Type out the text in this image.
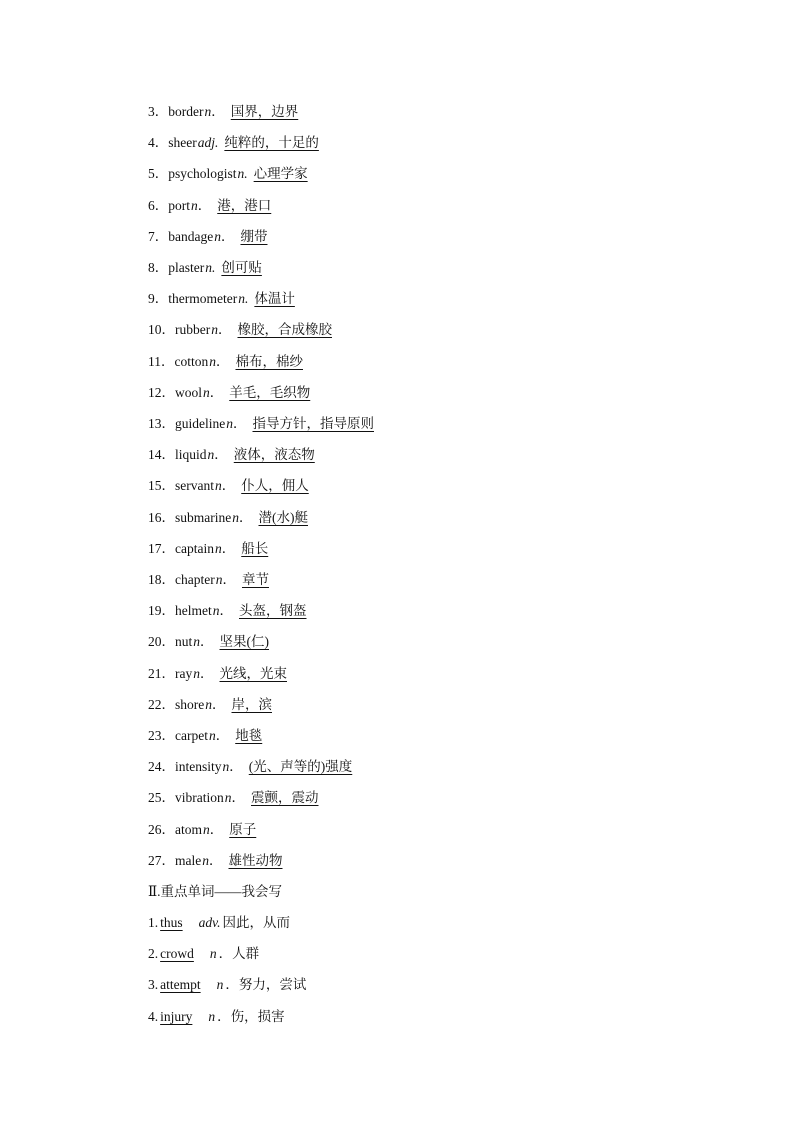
3．bordern． 国界，边界
4．sheeradj. 纯粹的，十足的
5．psychologistn. 心理学家
6．portn． 港，港口
7．bandagen． 绷带
8．plastern. 创可贴
9．thermometern. 体温计
10．rubbern． 橡胶，合成橡胶
11．cottonn． 棉布，棉纱
12．wooln． 羊毛，毛织物
13．guidelinen． 指导方针，指导原则
14．liquidn． 液体，液态物
15．servantn． 仆人，佣人
16．submarinen． 潜(水)艇
17．captainn． 船长
18．chaptern． 章节
19．helmetn． 头盔，钢盔
20．nutn． 坚果(仁)
21．rayn． 光线，光束
22．shoren． 岸，滨
23．carpetn． 地毯
24．intensityn． (光、声等的)强度
25．vibrationn． 震颤，震动
26．atomn． 原子
27．malen． 雄性动物
Ⅱ.重点单词——我会写
1. thus adv. 因此，从而
2. crowd n ．人群
3. attempt n ．努力，尝试
4. injury n ．伤，损害
